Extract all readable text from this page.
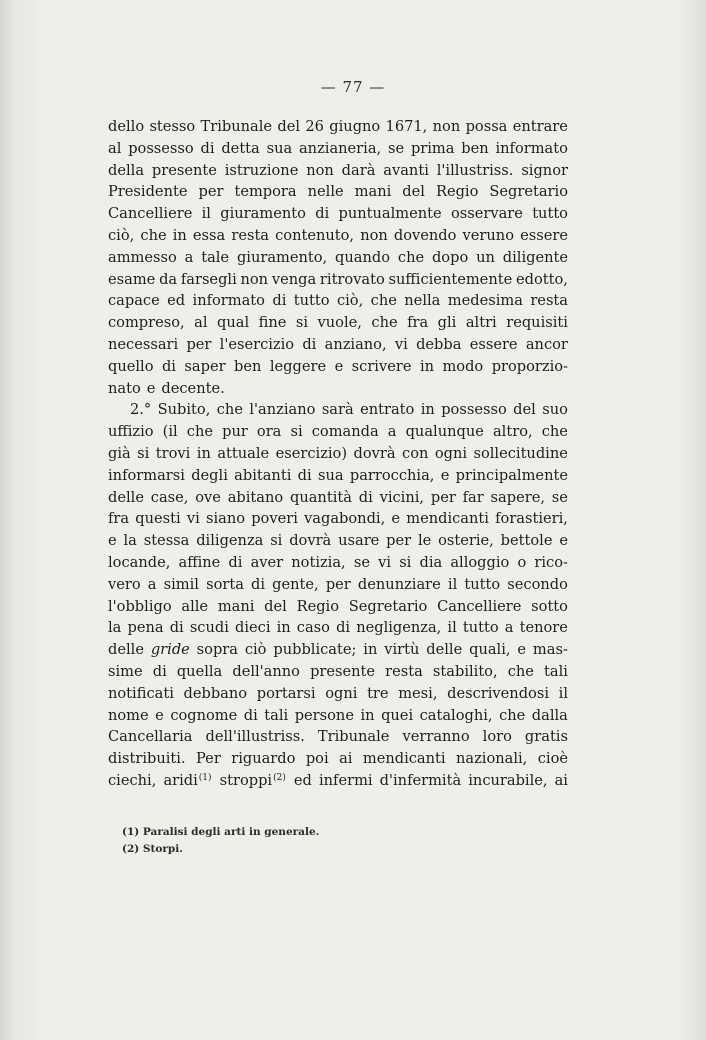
— 77 —
dello stesso Tribunale del 26 giugno 1671, non possa entrare
al possesso di detta sua anzianeria, se prima ben informato
della presente istruzione non darà avanti l'illustriss. signor
Presidente per tempora nelle mani del Regio Segretario
Cancelliere il giuramento di puntualmente osservare tutto
ciò, che in essa resta contenuto, non dovendo veruno essere
ammesso a tale giuramento, quando che dopo un diligente
esame da farsegli non venga ritrovato sufficientemente edotto,
capace ed informato di tutto ciò, che nella medesima resta
compreso, al qual fine si vuole, che fra gli altri requisiti
necessari per l'esercizio di anziano, vi debba essere ancor
quello di saper ben leggere e scrivere in modo proporzio-
nato e decente.
2.° Subito, che l'anziano sarà entrato in possesso del suo
uffizio (il che pur ora si comanda a qualunque altro, che
già si trovi in attuale esercizio) dovrà con ogni sollecitudine
informarsi degli abitanti di sua parrocchia, e principalmente
delle case, ove abitano quantità di vicini, per far sapere, se
fra questi vi siano poveri vagabondi, e mendicanti forastieri,
e la stessa diligenza si dovrà usare per le osterie, bettole e
locande, affine di aver notizia, se vi si dia alloggio o rico-
vero a simil sorta di gente, per denunziare il tutto secondo
l'obbligo alle mani del Regio Segretario Cancelliere sotto
la pena di scudi dieci in caso di negligenza, il tutto a tenore
delle gride sopra ciò pubblicate; in virtù delle quali, e mas-
sime di quella dell'anno presente resta stabilito, che tali
notificati debbano portarsi ogni tre mesi, descrivendosi il
nome e cognome di tali persone in quei cataloghi, che dalla
Cancellaria dell'illustriss. Tribunale verranno loro gratis
distribuiti. Per riguardo poi ai mendicanti nazionali, cioè
ciechi, aridi$^{(1)}$ stroppi$^{(2)}$ ed infermi d'infermità incurabile, ai
(1) Paralisi degli arti in generale.
(2) Storpi.
